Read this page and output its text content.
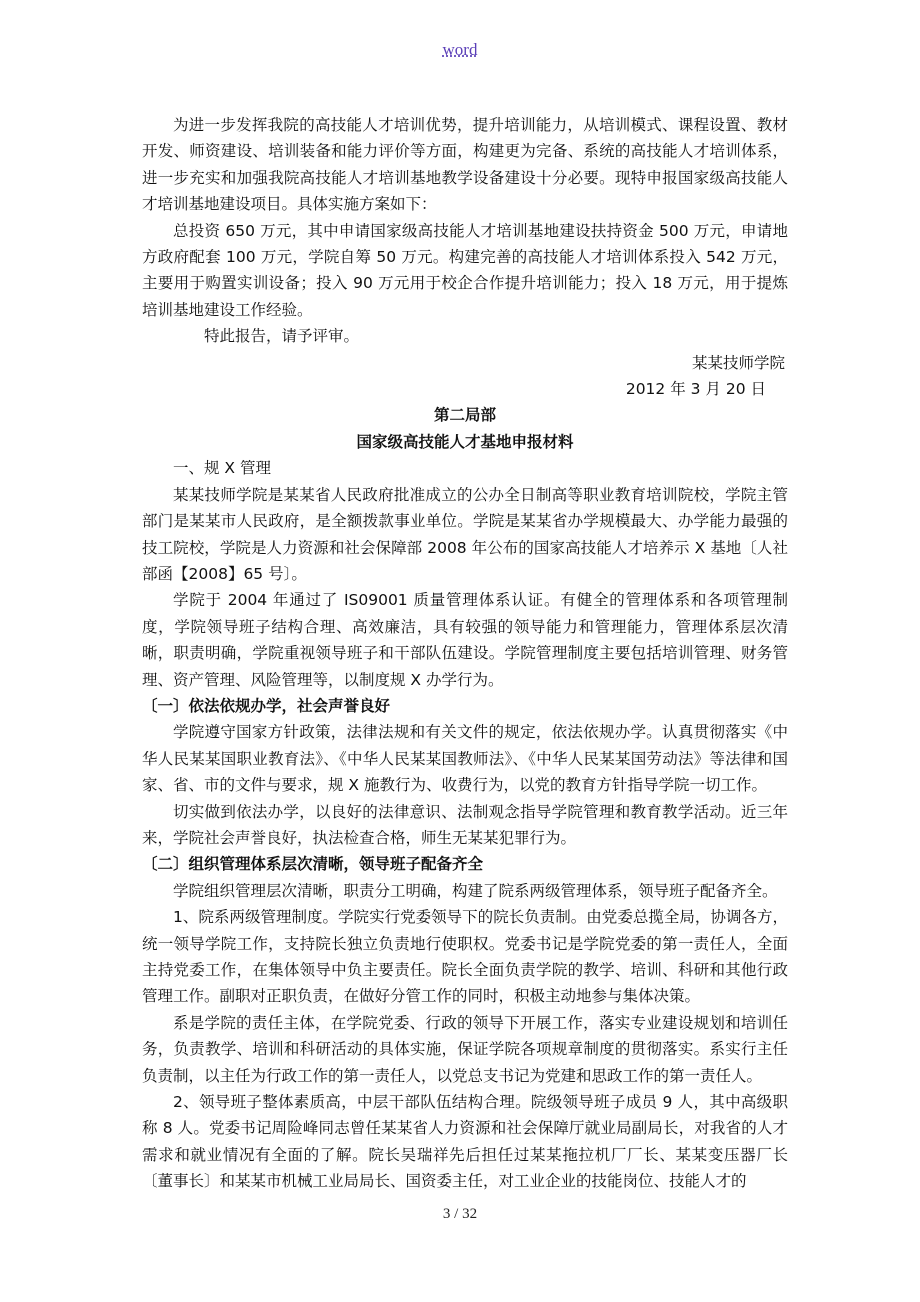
word

为进一步发挥我院的高技能人才培训优势，提升培训能力，从培训模式、课程设置、教材开发、师资建设、培训装备和能力评价等方面，构建更为完备、系统的高技能人才培训体系，进一步充实和加强我院高技能人才培训基地教学设备建设十分必要。现特申报国家级高技能人才培训基地建设项目。具体实施方案如下：

总投资 650 万元，其中申请国家级高技能人才培训基地建设扶持资金 500 万元，申请地方政府配套 100 万元，学院自筹 50 万元。构建完善的高技能人才培训体系投入 542 万元，主要用于购置实训设备；投入 90 万元用于校企合作提升培训能力；投入 18 万元，用于提炼培训基地建设工作经验。

特此报告，请予评审。

某某技师学院

2012 年 3 月 20 日

第二局部

国家级高技能人才基地申报材料

一、规 X 管理

某某技师学院是某某省人民政府批准成立的公办全日制高等职业教育培训院校，学院主管部门是某某市人民政府，是全额拨款事业单位。学院是某某省办学规模最大、办学能力最强的技工院校，学院是人力资源和社会保障部 2008 年公布的国家高技能人才培养示 X 基地〔人社部函【2008】65 号〕。

学院于 2004 年通过了 IS09001 质量管理体系认证。有健全的管理体系和各项管理制度，学院领导班子结构合理、高效廉洁，具有较强的领导能力和管理能力，管理体系层次清晰，职责明确，学院重视领导班子和干部队伍建设。学院管理制度主要包括培训管理、财务管理、资产管理、风险管理等，以制度规 X 办学行为。

〔一〕依法依规办学，社会声誉良好

学院遵守国家方针政策，法律法规和有关文件的规定，依法依规办学。认真贯彻落实《中华人民某某国职业教育法》、《中华人民某某国教师法》、《中华人民某某国劳动法》等法律和国家、省、市的文件与要求，规 X 施教行为、收费行为，以党的教育方针指导学院一切工作。

切实做到依法办学，以良好的法律意识、法制观念指导学院管理和教育教学活动。近三年来，学院社会声誉良好，执法检查合格，师生无某某犯罪行为。

〔二〕组织管理体系层次清晰，领导班子配备齐全

学院组织管理层次清晰，职责分工明确，构建了院系两级管理体系，领导班子配备齐全。

1、院系两级管理制度。学院实行党委领导下的院长负责制。由党委总揽全局，协调各方，统一领导学院工作，支持院长独立负责地行使职权。党委书记是学院党委的第一责任人，全面主持党委工作，在集体领导中负主要责任。院长全面负责学院的教学、培训、科研和其他行政管理工作。副职对正职负责，在做好分管工作的同时，积极主动地参与集体决策。

系是学院的责任主体，在学院党委、行政的领导下开展工作，落实专业建设规划和培训任务，负责教学、培训和科研活动的具体实施，保证学院各项规章制度的贯彻落实。系实行主任负责制，以主任为行政工作的第一责任人，以党总支书记为党建和思政工作的第一责任人。

2、领导班子整体素质高，中层干部队伍结构合理。院级领导班子成员 9 人，其中高级职称 8 人。党委书记周险峰同志曾任某某省人力资源和社会保障厅就业局副局长，对我省的人才需求和就业情况有全面的了解。院长吴瑞祥先后担任过某某拖拉机厂厂长、某某变压器厂长〔董事长〕和某某市机械工业局局长、国资委主任，对工业企业的技能岗位、技能人才的

3 / 32
